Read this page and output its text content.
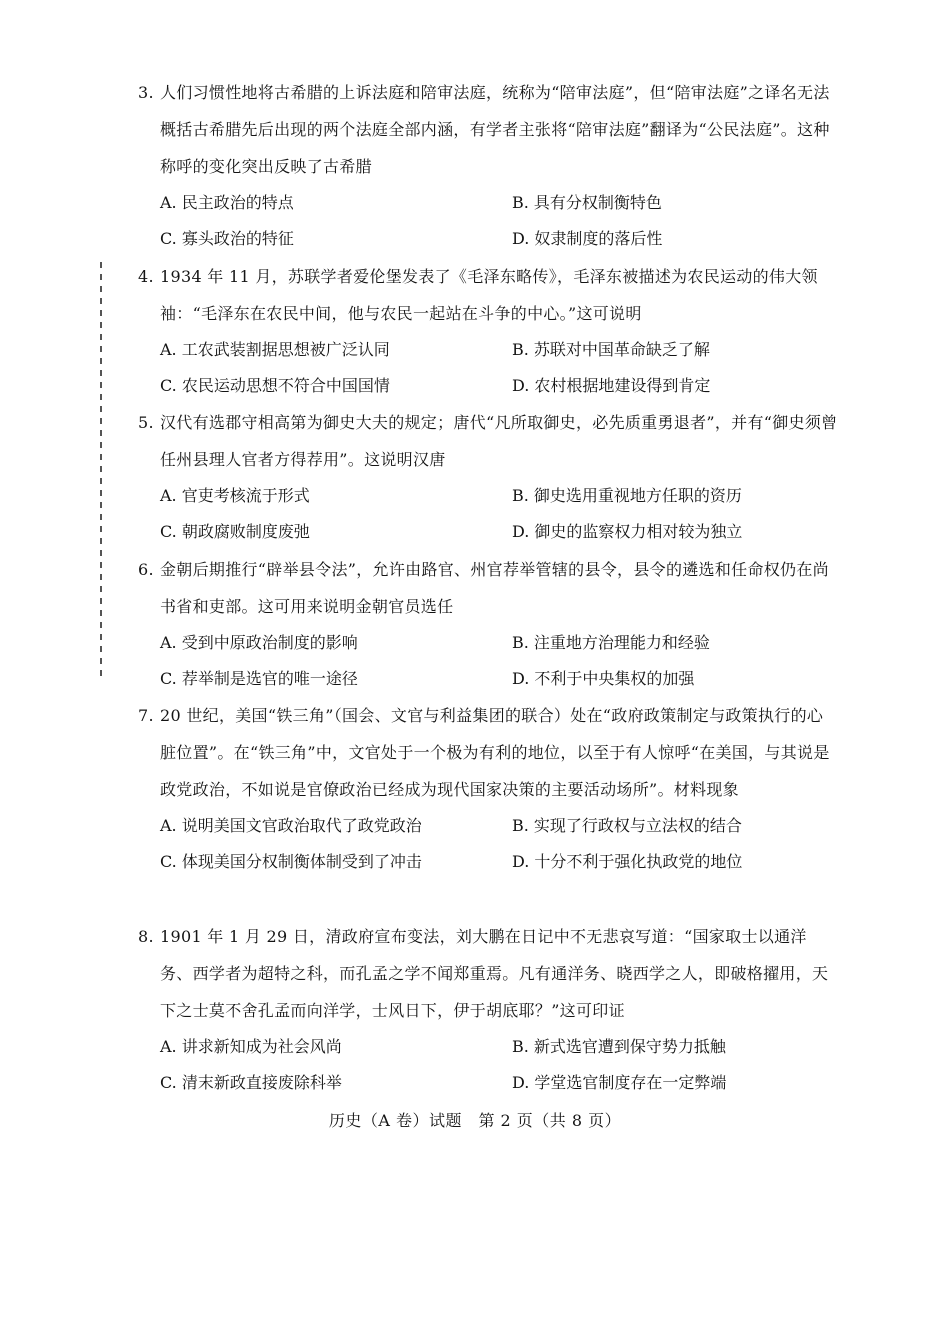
3. 人们习惯性地将古希腊的上诉法庭和陪审法庭，统称为“陪审法庭”，但“陪审法庭”之译名无法概括古希腊先后出现的两个法庭全部内涵，有学者主张将“陪审法庭”翻译为“公民法庭”。这种称呼的变化突出反映了古希腊
A. 民主政治的特点	B. 具有分权制衡特色
C. 寡头政治的特征	D. 奴隶制度的落后性
4. 1934 年 11 月，苏联学者爱伦堡发表了《毛泽东略传》，毛泽东被描述为农民运动的伟大领袖：“毛泽东在农民中间，他与农民一起站在斗争的中心。”这可说明
A. 工农武装割据思想被广泛认同	B. 苏联对中国革命缺乏了解
C. 农民运动思想不符合中国国情	D. 农村根据地建设得到肯定
5. 汉代有选郡守相高第为御史大夫的规定；唐代“凡所取御史，必先质重勇退者”，并有“御史须曾任州县理人官者方得荐用”。这说明汉唐
A. 官吏考核流于形式	B. 御史选用重视地方任职的资历
C. 朝政腐败制度废弛	D. 御史的监察权力相对较为独立
6. 金朝后期推行“辟举县令法”，允许由路官、州官荐举管辖的县令，县令的遴选和任命权仍在尚书省和吏部。这可用来说明金朝官员选任
A. 受到中原政治制度的影响	B. 注重地方治理能力和经验
C. 荐举制是选官的唯一途径	D. 不利于中央集权的加强
7. 20 世纪，美国“铁三角”（国会、文官与利益集团的联合）处在“政府政策制定与政策执行的心脏位置”。在“铁三角”中，文官处于一个极为有利的地位，以至于有人惊呼“在美国，与其说是政党政治，不如说是官僚政治已经成为现代国家决策的主要活动场所”。材料现象
A. 说明美国文官政治取代了政党政治	B. 实现了行政权与立法权的结合
C. 体现美国分权制衡体制受到了冲击	D. 十分不利于强化执政党的地位
8. 1901 年 1 月 29 日，清政府宣布变法，刘大鹏在日记中不无悲哀写道：“国家取士以通洋务、西学者为超特之科，而孔孟之学不闻郑重焉。凡有通洋务、晓西学之人，即破格擢用，天下之士莫不舍孔孟而向洋学，士风日下，伊于胡底耶？”这可印证
A. 讲求新知成为社会风尚	B. 新式选官遭到保守势力抵触
C. 清末新政直接废除科举	D. 学堂选官制度存在一定弊端
历史（A 卷）试题　第 2 页（共 8 页）
